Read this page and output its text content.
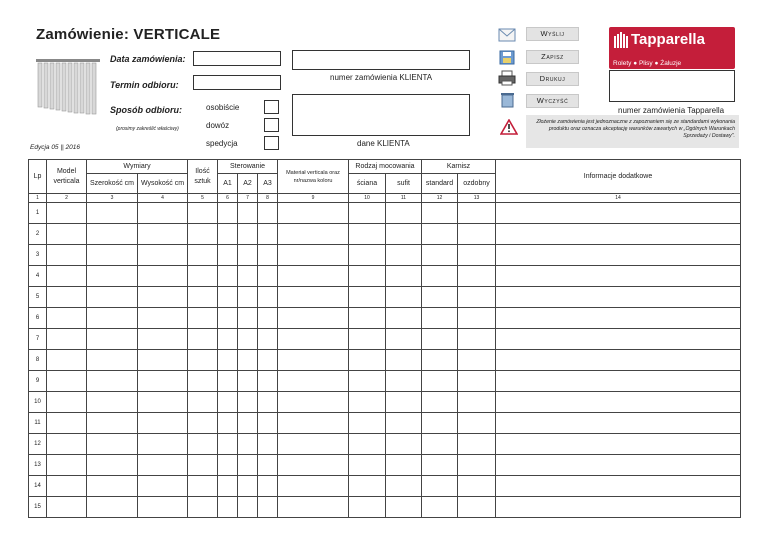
Zamówienie: VERTICALE
Data zamówienia:
Termin odbioru:
Sposób odbioru:
(prosimy zakreślić właściwy)
osobiście
dowóz
spedycja
Edycja 05 || 2016
numer zamówienia KLIENTA
dane KLIENTA
Wyślij
Zapisz
Drukuj
Wyczyść
Złożenie zamówienia jest jednoznaczne z zapoznaniem się ze standardami wykonania produktu oraz oznacza akceptację warunków zawartych w „Ogólnych Warunkach Sprzedaży i Dostawy".
Tapparella
Rolety ● Plisy ● Żaluzje
numer zamówienia Tapparella
Lp	Model verticala	Wymiary		Ilość sztuk	Sterowanie			Materiał verticala oraz nr/nazwa koloru	Rodzaj mocowania		Karnisz		Informacje dodatkowe
		Szerokość cm	Wysokość cm		A1	A2	A3		ściana	sufit	standard	ozdobny	
1	2	3	4	5	6	7	8	9	10	11	12	13	14
1													
2													
3													
4													
5													
6													
7													
8													
9													
10													
11													
12													
13													
14													
15													
